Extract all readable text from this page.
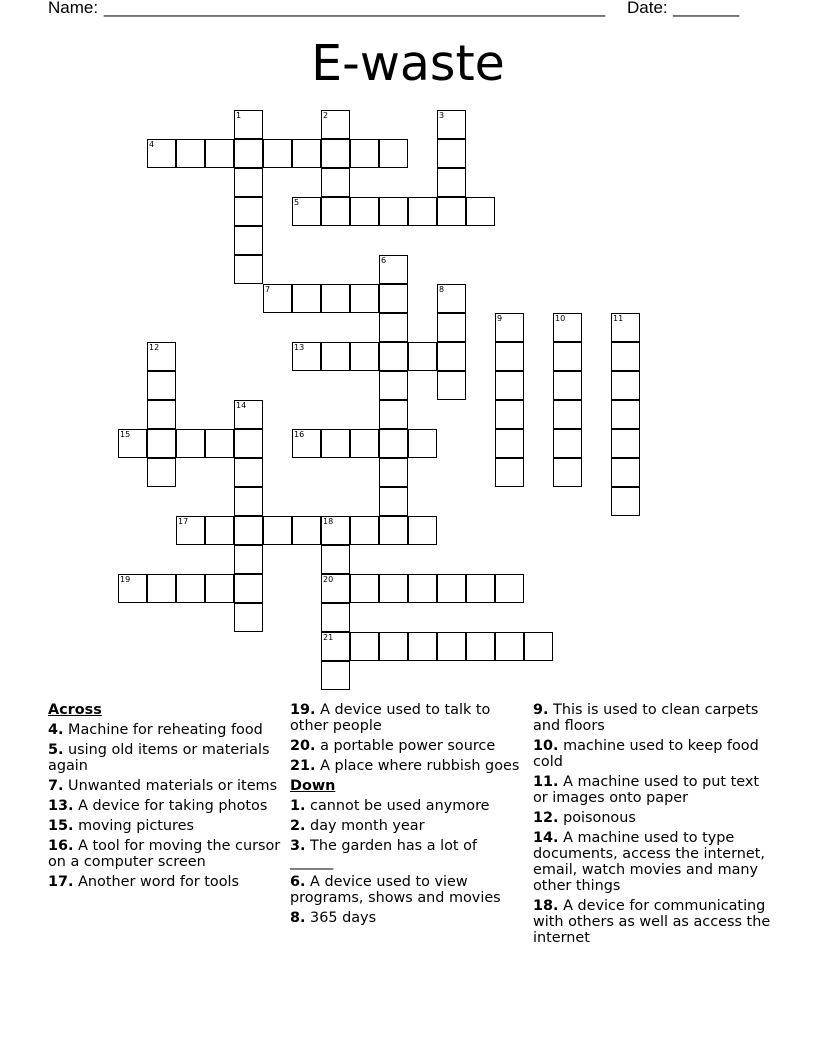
Name: _____________________________________________________ Date: _______
E-waste
1	2	3
4
5
6
7	8
9	10	11
12	13
14
15	16
17	18
19	20
21
Across
4. Machine for reheating food
5. using old items or materials again
7. Unwanted materials or items
13. A device for taking photos
15. moving pictures
16. A tool for moving the cursor on a computer screen
17. Another word for tools
19. A device used to talk to other people
20. a portable power source
21. A place where rubbish goes
Down
1. cannot be used anymore
2. day month year
3. The garden has a lot of ______
6. A device used to view programs, shows and movies
8. 365 days
9. This is used to clean carpets and floors
10. machine used to keep food cold
11. A machine used to put text or images onto paper
12. poisonous
14. A machine used to type documents, access the internet, email, watch movies and many other things
18. A device for communicating with others as well as access the internet
